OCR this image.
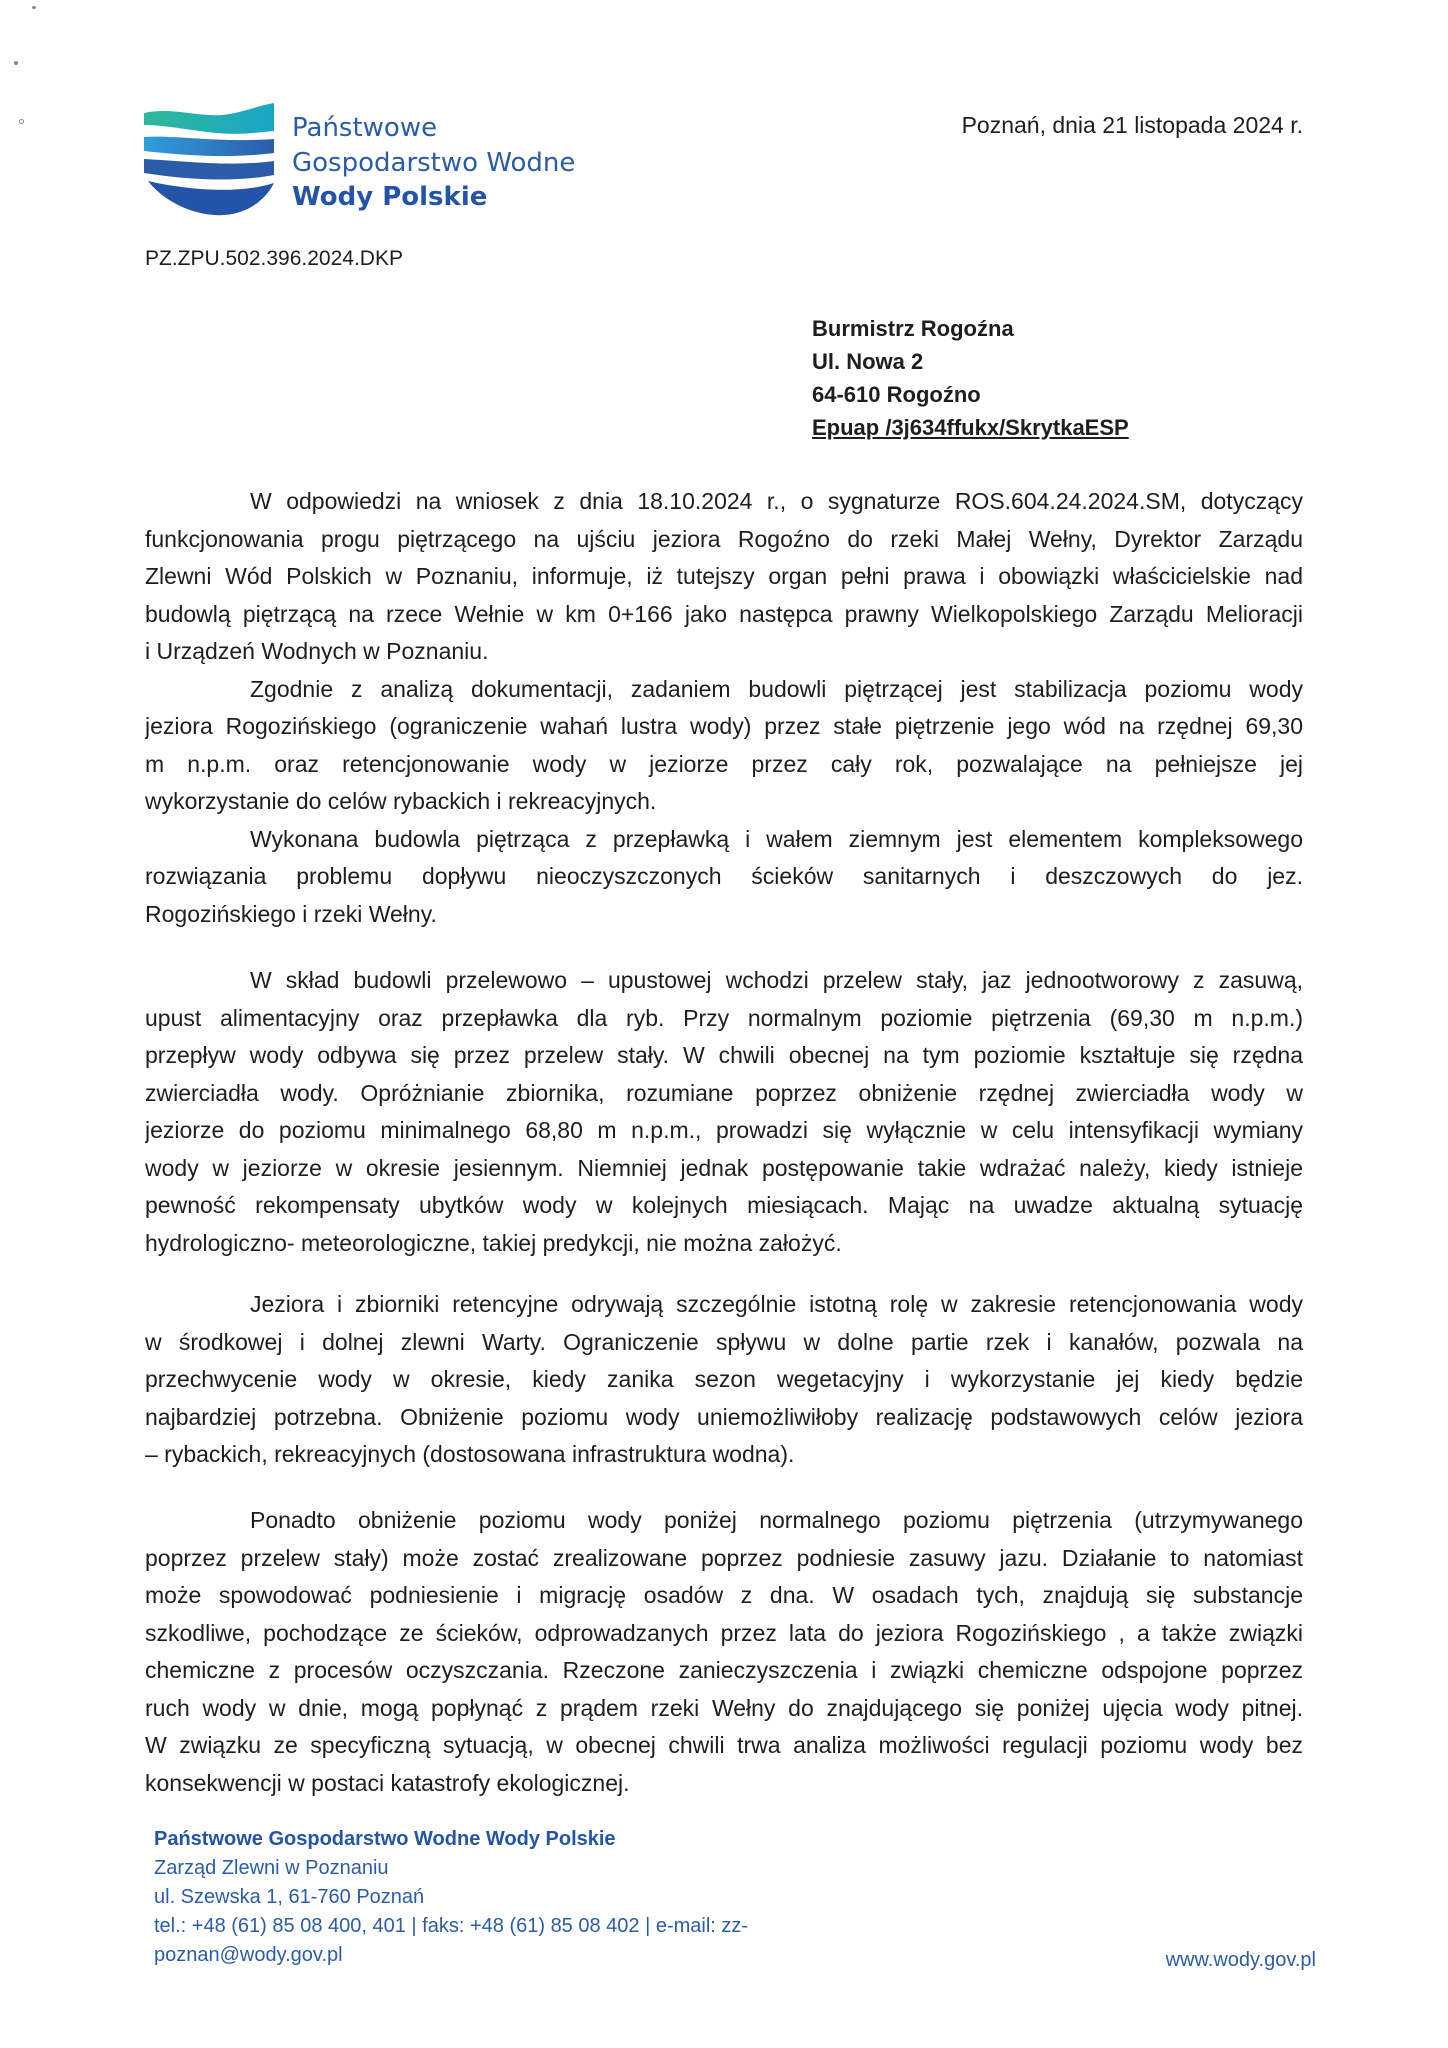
Państwowe
Gospodarstwo Wodne
Wody Polskie
Poznań, dnia 21 listopada 2024 r.
PZ.ZPU.502.396.2024.DKP
Burmistrz Rogoźna
Ul. Nowa 2
64-610 Rogoźno
Epuap /3j634ffukx/SkrytkaESP
W odpowiedzi na wniosek z dnia 18.10.2024 r., o sygnaturze ROS.604.24.2024.SM, dotyczący
funkcjonowania progu piętrzącego na ujściu jeziora Rogoźno do rzeki Małej Wełny, Dyrektor Zarządu
Zlewni Wód Polskich w Poznaniu, informuje, iż tutejszy organ pełni prawa i obowiązki właścicielskie nad
budowlą piętrzącą na rzece Wełnie w km 0+166 jako następca prawny Wielkopolskiego Zarządu Melioracji
i Urządzeń Wodnych w Poznaniu.
Zgodnie z analizą dokumentacji, zadaniem budowli piętrzącej jest stabilizacja poziomu wody
jeziora Rogozińskiego (ograniczenie wahań lustra wody) przez stałe piętrzenie jego wód na rzędnej 69,30
m n.p.m. oraz retencjonowanie wody w jeziorze przez cały rok, pozwalające na pełniejsze jej
wykorzystanie do celów rybackich i rekreacyjnych.
Wykonana budowla piętrząca z przepławką i wałem ziemnym jest elementem kompleksowego
rozwiązania problemu dopływu nieoczyszczonych ścieków sanitarnych i deszczowych do jez.
Rogozińskiego i rzeki Wełny.
W skład budowli przelewowo – upustowej wchodzi przelew stały, jaz jednootworowy z zasuwą,
upust alimentacyjny oraz przepławka dla ryb. Przy normalnym poziomie piętrzenia (69,30 m n.p.m.)
przepływ wody odbywa się przez przelew stały. W chwili obecnej na tym poziomie kształtuje się rzędna
zwierciadła wody. Opróżnianie zbiornika, rozumiane poprzez obniżenie rzędnej zwierciadła wody w
jeziorze do poziomu minimalnego 68,80 m n.p.m., prowadzi się wyłącznie w celu intensyfikacji wymiany
wody w jeziorze w okresie jesiennym. Niemniej jednak postępowanie takie wdrażać należy, kiedy istnieje
pewność rekompensaty ubytków wody w kolejnych miesiącach. Mając na uwadze aktualną sytuację
hydrologiczno- meteorologiczne, takiej predykcji, nie można założyć.
Jeziora i zbiorniki retencyjne odrywają szczególnie istotną rolę w zakresie retencjonowania wody
w środkowej i dolnej zlewni Warty. Ograniczenie spływu w dolne partie rzek i kanałów, pozwala na
przechwycenie wody w okresie, kiedy zanika sezon wegetacyjny i wykorzystanie jej kiedy będzie
najbardziej potrzebna. Obniżenie poziomu wody uniemożliwiłoby realizację podstawowych celów jeziora
– rybackich, rekreacyjnych (dostosowana infrastruktura wodna).
Ponadto obniżenie poziomu wody poniżej normalnego poziomu piętrzenia (utrzymywanego
poprzez przelew stały) może zostać zrealizowane poprzez podniesie zasuwy jazu. Działanie to natomiast
może spowodować podniesienie i migrację osadów z dna. W osadach tych, znajdują się substancje
szkodliwe, pochodzące ze ścieków, odprowadzanych przez lata do jeziora Rogozińskiego , a także związki
chemiczne z procesów oczyszczania. Rzeczone zanieczyszczenia i związki chemiczne odspojone poprzez
ruch wody w dnie, mogą popłynąć z prądem rzeki Wełny do znajdującego się poniżej ujęcia wody pitnej.
W związku ze specyficzną sytuacją, w obecnej chwili trwa analiza możliwości regulacji poziomu wody bez
konsekwencji w postaci katastrofy ekologicznej.
Państwowe Gospodarstwo Wodne Wody Polskie
Zarząd Zlewni w Poznaniu
ul. Szewska 1, 61-760 Poznań
tel.: +48 (61) 85 08 400, 401 | faks: +48 (61) 85 08 402 | e-mail: zz-
poznan@wody.gov.pl	www.wody.gov.pl
